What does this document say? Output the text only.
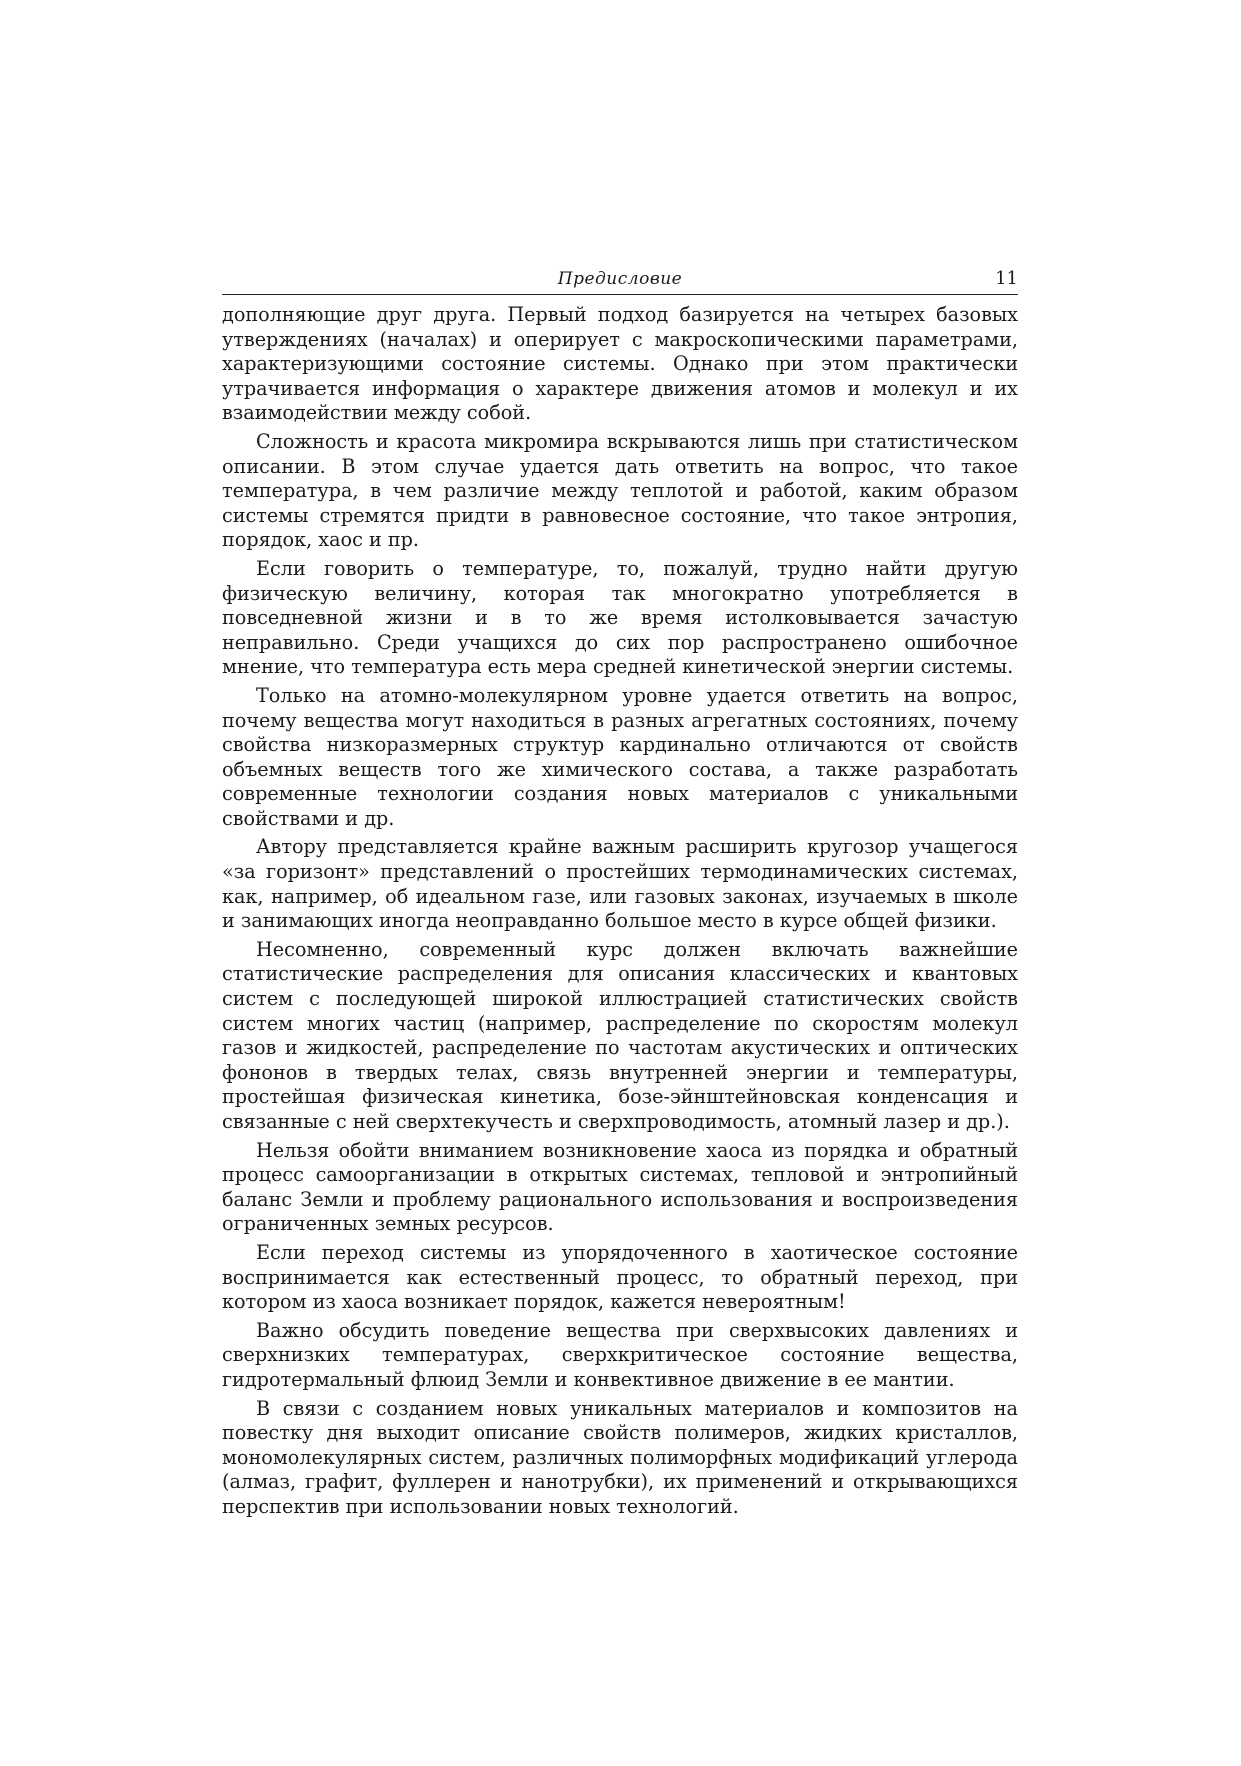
Предисловие	11

дополняющие друг друга. Первый подход базируется на четырех базовых утверждениях (началах) и оперирует с макроскопическими параметрами, характеризующими состояние системы. Однако при этом практически утрачивается информация о характере движения атомов и молекул и их взаимодействии между собой.

Сложность и красота микромира вскрываются лишь при статистическом описании. В этом случае удается дать ответить на вопрос, что такое температура, в чем различие между теплотой и работой, каким образом системы стремятся придти в равновесное состояние, что такое энтропия, порядок, хаос и пр.

Если говорить о температуре, то, пожалуй, трудно найти другую физическую величину, которая так многократно употребляется в повседневной жизни и в то же время истолковывается зачастую неправильно. Среди учащихся до сих пор распространено ошибочное мнение, что температура есть мера средней кинетической энергии системы.

Только на атомно-молекулярном уровне удается ответить на вопрос, почему вещества могут находиться в разных агрегатных состояниях, почему свойства низкоразмерных структур кардинально отличаются от свойств объемных веществ того же химического состава, а также разработать современные технологии создания новых материалов с уникальными свойствами и др.

Автору представляется крайне важным расширить кругозор учащегося «за горизонт» представлений о простейших термодинамических системах, как, например, об идеальном газе, или газовых законах, изучаемых в школе и занимающих иногда неоправданно большое место в курсе общей физики.

Несомненно, современный курс должен включать важнейшие статистические распределения для описания классических и квантовых систем с последующей широкой иллюстрацией статистических свойств систем многих частиц (например, распределение по скоростям молекул газов и жидкостей, распределение по частотам акустических и оптических фононов в твердых телах, связь внутренней энергии и температуры, простейшая физическая кинетика, бозе-эйнштейновская конденсация и связанные с ней сверхтекучесть и сверхпроводимость, атомный лазер и др.).

Нельзя обойти вниманием возникновение хаоса из порядка и обратный процесс самоорганизации в открытых системах, тепловой и энтропийный баланс Земли и проблему рационального использования и воспроизведения ограниченных земных ресурсов.

Если переход системы из упорядоченного в хаотическое состояние воспринимается как естественный процесс, то обратный переход, при котором из хаоса возникает порядок, кажется невероятным!

Важно обсудить поведение вещества при сверхвысоких давлениях и сверхнизких температурах, сверхкритическое состояние вещества, гидротермальный флюид Земли и конвективное движение в ее мантии.

В связи с созданием новых уникальных материалов и композитов на повестку дня выходит описание свойств полимеров, жидких кристаллов, мономолекулярных систем, различных полиморфных модификаций углерода (алмаз, графит, фуллерен и нанотрубки), их применений и открывающихся перспектив при использовании новых технологий.
